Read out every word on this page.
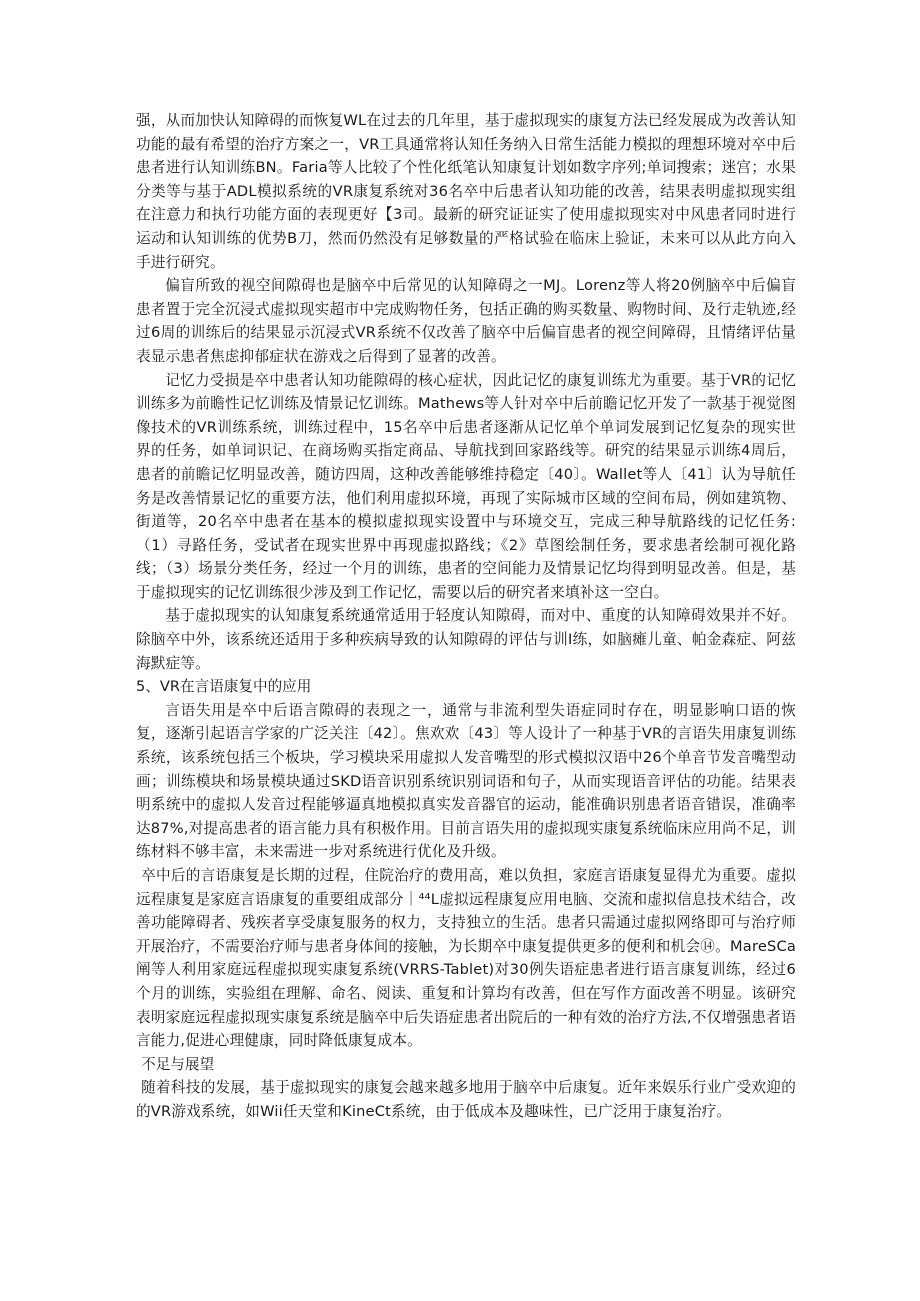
强，从而加快认知障碍的而恢复WL在过去的几年里，基于虚拟现实的康复方法已经发展成为改善认知功能的最有希望的治疗方案之一，VR工具通常将认知任务纳入日常生活能力模拟的理想环境对卒中后患者进行认知训练BN。Faria等人比较了个性化纸笔认知康复计划如数字序列;单词搜索；迷宫；水果分类等与基于ADL模拟系统的VR康复系统对36名卒中后患者认知功能的改善，结果表明虚拟现实组在注意力和执行功能方面的表现更好【3司。最新的研究证证实了使用虚拟现实对中风患者同时进行运动和认知训练的优势B刀，然而仍然没有足够数量的严格试验在临床上验证，未来可以从此方向入手进行研究。

偏盲所致的视空间隙碍也是脑卒中后常见的认知障碍之一MJ。Lorenz等人将20例脑卒中后偏盲患者置于完全沉浸式虚拟现实超市中完成购物任务，包括正确的购买数量、购物时间、及行走轨迹,经过6周的训练后的结果显示沉浸式VR系统不仅改善了脑卒中后偏盲患者的视空间障碍，且情绪评估量表显示患者焦虑抑郁症状在游戏之后得到了显著的改善。

记忆力受损是卒中患者认知功能隙碍的核心症状，因此记忆的康复训练尤为重要。基于VR的记忆训练多为前瞻性记忆训练及情景记忆训练。Mathews等人针对卒中后前瞻记忆开发了一款基于视觉图像技术的VR训练系统，训练过程中，15名卒中后患者逐渐从记忆单个单词发展到记忆复杂的现实世界的任务，如单词识记、在商场购买指定商品、导航找到回家路线等。研究的结果显示训练4周后，患者的前瞻记忆明显改善，随访四周，这种改善能够维持稳定〔40〕。Wallet等人〔41〕认为导航任务是改善情景记忆的重要方法，他们利用虚拟环境，再现了实际城市区域的空间布局，例如建筑物、街道等，20名卒中患者在基本的模拟虚拟现实设置中与环境交互，完成三种导航路线的记忆任务:（1）寻路任务，受试者在现实世界中再现虚拟路线；《2》草图绘制任务，要求患者绘制可视化路线；（3）场景分类任务，经过一个月的训练，患者的空间能力及情景记忆均得到明显改善。但是，基于虚拟现实的记忆训练很少涉及到工作记忆，需要以后的研究者来填补这一空白。

基于虚拟现实的认知康复系统通常适用于轻度认知隙碍，而对中、重度的认知障碍效果并不好。除脑卒中外，该系统还适用于多种疾病导致的认知隙碍的评估与训I练，如脑瘫儿童、帕金森症、阿兹海默症等。

5、VR在言语康复中的应用

言语失用是卒中后语言隙碍的表现之一，通常与非流利型失语症同时存在，明显影响口语的恢复，逐渐引起语言学家的广泛关注〔42〕。焦欢欢〔43〕等人设计了一种基于VR的言语失用康复训练系统，该系统包括三个板块，学习模块采用虚拟人发音嘴型的形式模拟汉语中26个单音节发音嘴型动画；训练模块和场景模块通过SKD语音识别系统识别词语和句子，从而实现语音评估的功能。结果表明系统中的虚拟人发音过程能够逼真地模拟真实发音器官的运动，能准确识别患者语音错误，准确率达87%,对提高患者的语言能力具有积极作用。目前言语失用的虚拟现实康复系统临床应用尚不足，训练材料不够丰富，未来需进一步对系统进行优化及升级。

卒中后的言语康复是长期的过程，住院治疗的费用高，难以负担，家庭言语康复显得尤为重要。虚拟远程康复是家庭言语康复的重要组成部分｜⁴⁴L虚拟远程康复应用电脑、交流和虚拟信息技术结合，改善功能障碍者、残疾者享受康复服务的权力，支持独立的生活。患者只需通过虚拟网络即可与治疗师开展治疗，不需要治疗师与患者身体间的接触，为长期卒中康复提供更多的便利和机会⑭。MareSCa阐等人利用家庭远程虚拟现实康复系统(VRRS-Tablet)对30例失语症患者进行语言康复训练，经过6个月的训练，实验组在理解、命名、阅读、重复和计算均有改善，但在写作方面改善不明显。该研究表明家庭远程虚拟现实康复系统是脑卒中后失语症患者出院后的一种有效的治疗方法,不仅增强患者语言能力,促进心理健康，同时降低康复成本。

不足与展望

随着科技的发展，基于虚拟现实的康复会越来越多地用于脑卒中后康复。近年来娱乐行业广受欢迎的的VR游戏系统，如Wii任天堂和KineCt系统，由于低成本及趣味性，已广泛用于康复治疗。
